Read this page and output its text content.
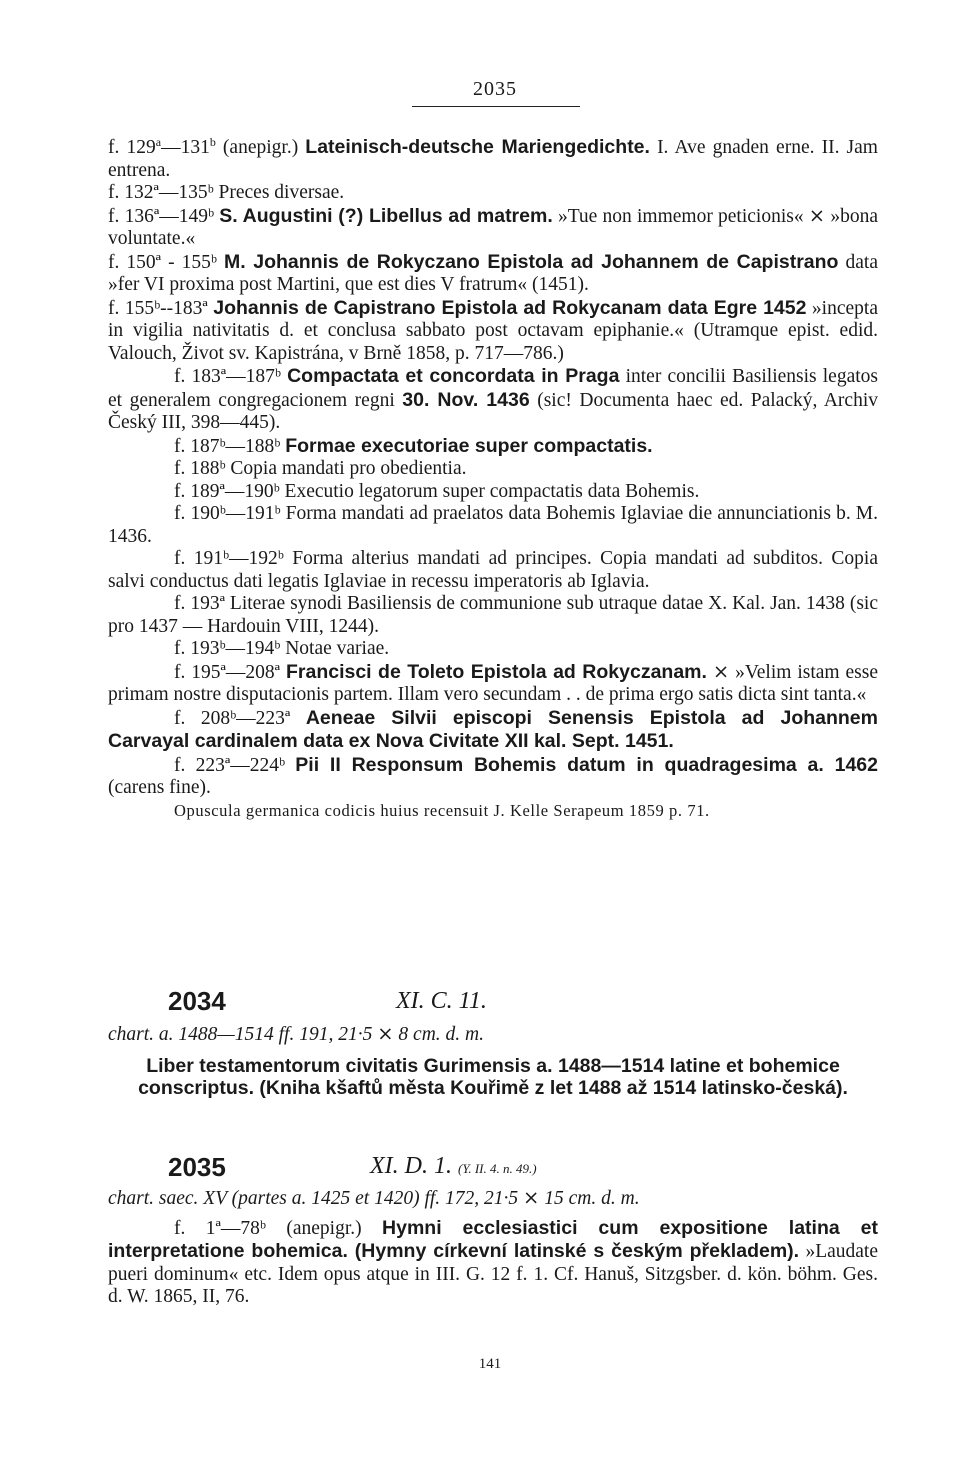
2035

f. 129$^a$—131$^b$ (anepigr.) Lateinisch-deutsche Mariengedichte. I. Ave gnaden erne. II. Jam entrena.

f. 132ª—135ᵇ Preces diversae.

f. 136ª—149ᵇ S. Augustini (?) Libellus ad matrem. »Tue non immemor peticionis« ⨯ »bona voluntate.«

f. 150ª - 155ᵇ M. Johannis de Rokyczano Epistola ad Johannem de Capistrano data »fer VI proxima post Martini, que est dies V fratrum« (1451).

f. 155ᵇ--183ª Johannis de Capistrano Epistola ad Rokycanam data Egre 1452 »incepta in vigilia nativitatis d. et conclusa sabbato post octavam epiphanie.« (Utramque epist. edid. Valouch, Život sv. Kapistrána, v Brně 1858, p. 717—786.)

f. 183ª—187ᵇ Compactata et concordata in Praga inter concilii Basiliensis legatos et generalem congregacionem regni 30. Nov. 1436 (sic! Documenta haec ed. Palacký, Archiv Český III, 398—445).

f. 187ᵇ—188ᵇ Formae executoriae super compactatis.

f. 188ᵇ Copia mandati pro obedientia.

f. 189ª—190ᵇ Executio legatorum super compactatis data Bohemis.

f. 190ᵇ—191ᵇ Forma mandati ad praelatos data Bohemis Iglaviae die annunciationis b. M. 1436.

f. 191ᵇ—192ᵇ Forma alterius mandati ad principes. Copia mandati ad subditos. Copia salvi conductus dati legatis Iglaviae in recessu imperatoris ab Iglavia.

f. 193ª Literae synodi Basiliensis de communione sub utraque datae X. Kal. Jan. 1438 (sic pro 1437 — Hardouin VIII, 1244).

f. 193ᵇ—194ᵇ Notae variae.

f. 195ª—208ª Francisci de Toleto Epistola ad Rokyczanam. ⨯ »Velim istam esse primam nostre disputacionis partem. Illam vero secundam . . de prima ergo satis dicta sint tanta.«

f. 208ᵇ—223ª Aeneae Silvii episcopi Senensis Epistola ad Johannem Carvayal cardinalem data ex Nova Civitate XII kal. Sept. 1451.

f. 223ª—224ᵇ Pii II Responsum Bohemis datum in quadragesima a. 1462 (carens fine).

Opuscula germanica codicis huius recensuit J. Kelle Serapeum 1859 p. 71.

2034	XI. C. 11.

chart. a. 1488—1514 ff. 191, 21·5 ⨯ 8 cm. d. m.

Liber testamentorum civitatis Gurimensis a. 1488—1514 latine et bohemice conscriptus. (Kniha kšaftů města Kouřimě z let 1488 až 1514 latinsko-česká).

2035	XI. D. 1. (Y. II. 4. n. 49.)

chart. saec. XV (partes a. 1425 et 1420) ff. 172, 21·5 ⨯ 15 cm. d. m.

f. 1ª—78ᵇ (anepigr.) Hymni ecclesiastici cum expositione latina et interpretatione bohemica. (Hymny církevní latinské s českým překladem). »Laudate pueri dominum« etc. Idem opus atque in III. G. 12 f. 1. Cf. Hanuš, Sitzgsber. d. kön. böhm. Ges. d. W. 1865, II, 76.

141
